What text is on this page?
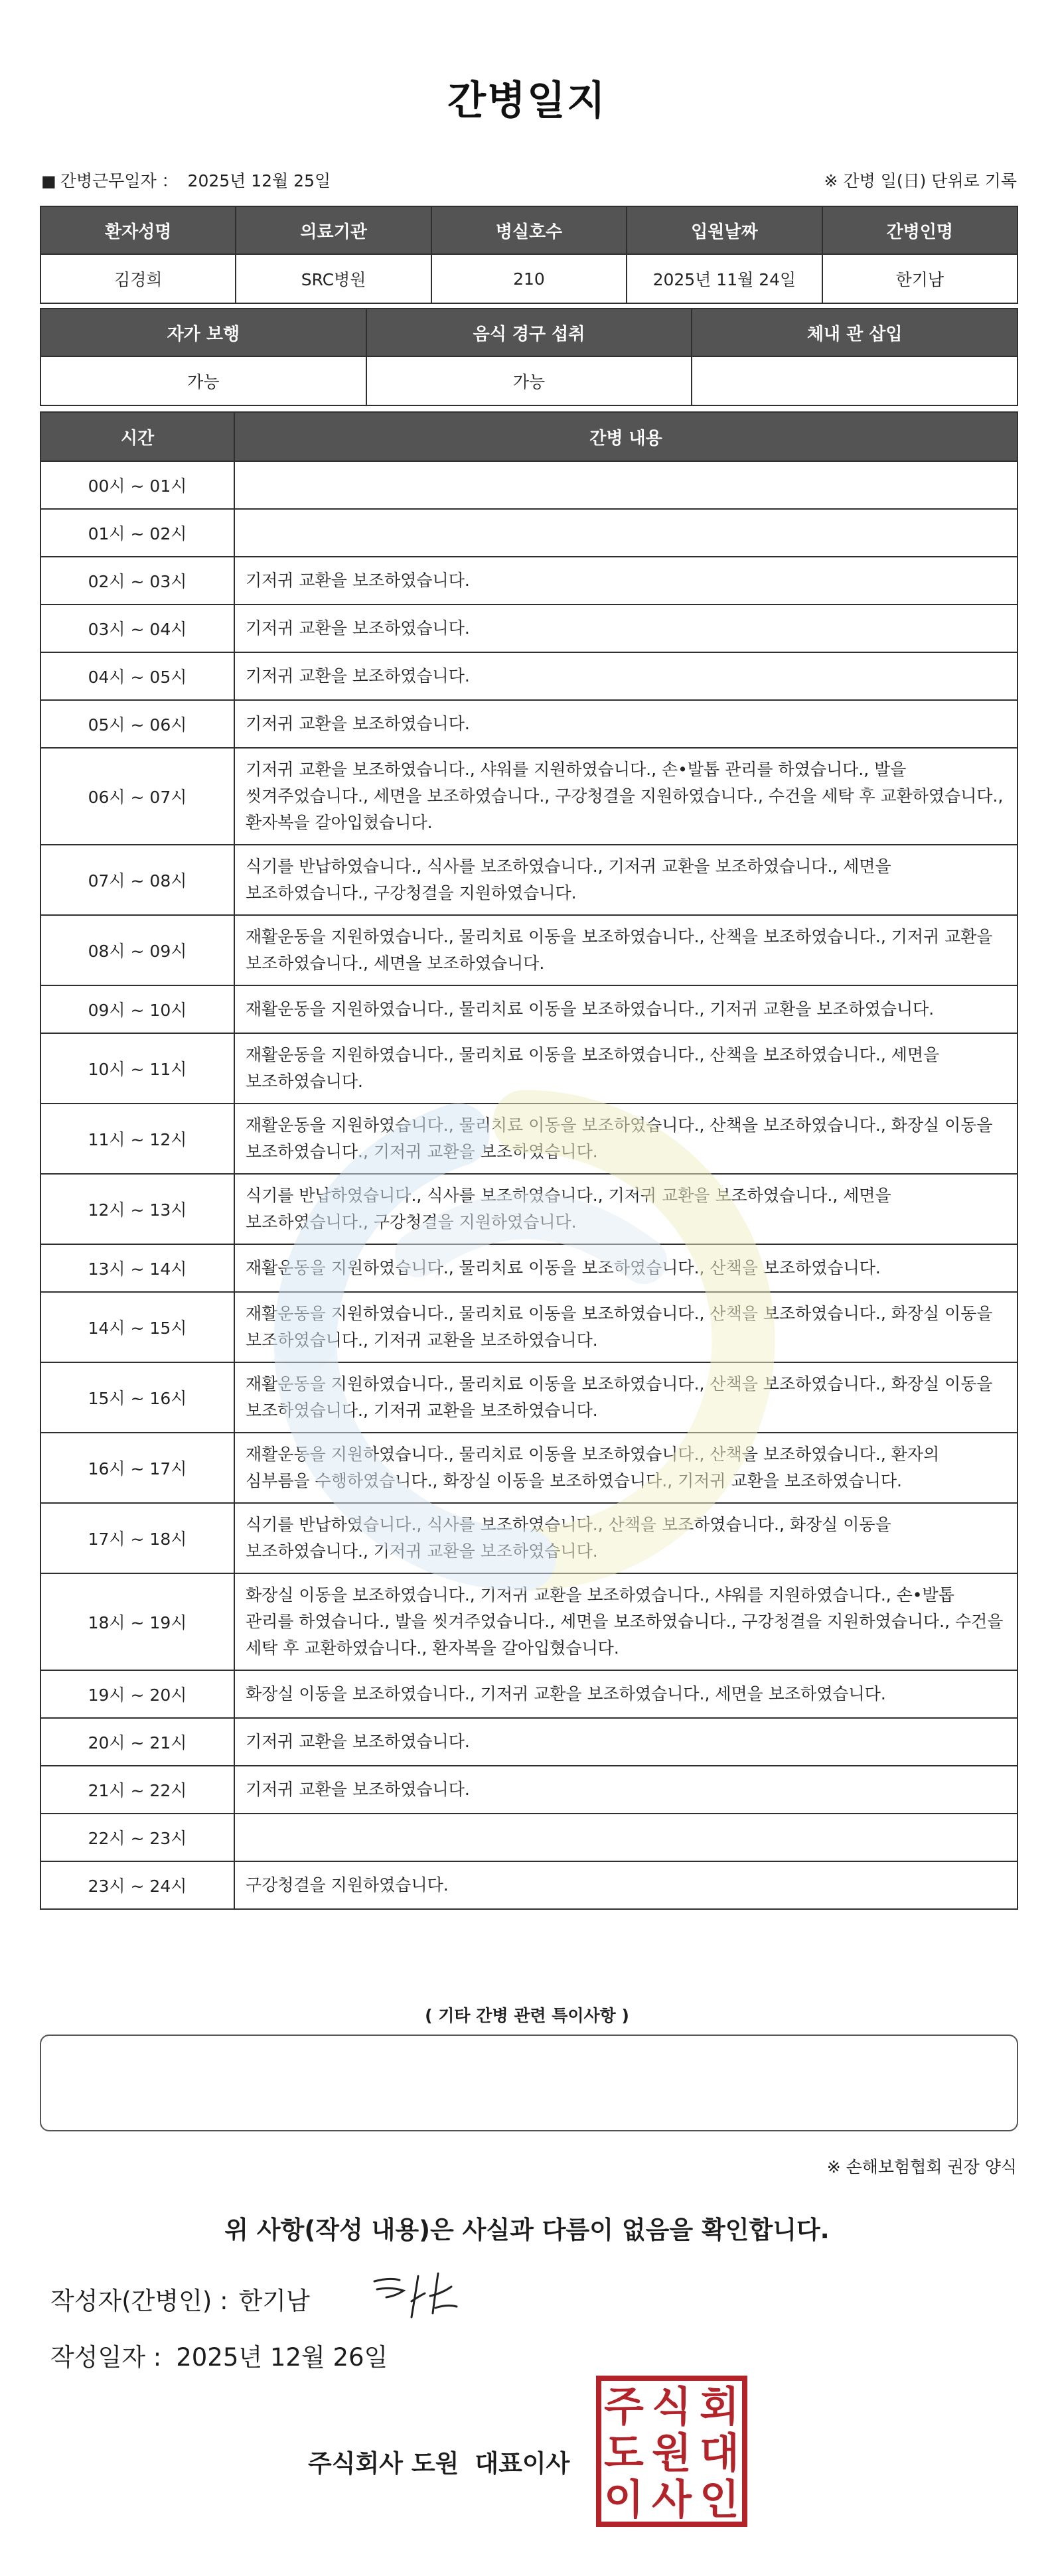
간병일지
■ 간병근무일자 ： 2025년 12월 25일	※ 간병 일(日) 단위로 기록
환자성명	의료기관	병실호수	입원날짜	간병인명
김경희	SRC병원	210	2025년 11월 24일	한기남
자가 보행	음식 경구 섭취	체내 관 삽입
가능	가능	
시간	간병 내용
00시 ~ 01시	
01시 ~ 02시	
02시 ~ 03시	기저귀 교환을 보조하였습니다.
03시 ~ 04시	기저귀 교환을 보조하였습니다.
04시 ~ 05시	기저귀 교환을 보조하였습니다.
05시 ~ 06시	기저귀 교환을 보조하였습니다.
06시 ~ 07시	기저귀 교환을 보조하였습니다., 샤워를 지원하였습니다., 손•발톱 관리를 하였습니다., 발을 씻겨주었습니다., 세면을 보조하였습니다., 구강청결을 지원하였습니다., 수건을 세탁 후 교환하였습니다., 환자복을 갈아입혔습니다.
07시 ~ 08시	식기를 반납하였습니다., 식사를 보조하였습니다., 기저귀 교환을 보조하였습니다., 세면을 보조하였습니다., 구강청결을 지원하였습니다.
08시 ~ 09시	재활운동을 지원하였습니다., 물리치료 이동을 보조하였습니다., 산책을 보조하였습니다., 기저귀 교환을 보조하였습니다., 세면을 보조하였습니다.
09시 ~ 10시	재활운동을 지원하였습니다., 물리치료 이동을 보조하였습니다., 기저귀 교환을 보조하였습니다.
10시 ~ 11시	재활운동을 지원하였습니다., 물리치료 이동을 보조하였습니다., 산책을 보조하였습니다., 세면을 보조하였습니다.
11시 ~ 12시	재활운동을 지원하였습니다., 물리치료 이동을 보조하였습니다., 산책을 보조하였습니다., 화장실 이동을 보조하였습니다., 기저귀 교환을 보조하였습니다.
12시 ~ 13시	식기를 반납하였습니다., 식사를 보조하였습니다., 기저귀 교환을 보조하였습니다., 세면을 보조하였습니다., 구강청결을 지원하였습니다.
13시 ~ 14시	재활운동을 지원하였습니다., 물리치료 이동을 보조하였습니다., 산책을 보조하였습니다.
14시 ~ 15시	재활운동을 지원하였습니다., 물리치료 이동을 보조하였습니다., 산책을 보조하였습니다., 화장실 이동을 보조하였습니다., 기저귀 교환을 보조하였습니다.
15시 ~ 16시	재활운동을 지원하였습니다., 물리치료 이동을 보조하였습니다., 산책을 보조하였습니다., 화장실 이동을 보조하였습니다., 기저귀 교환을 보조하였습니다.
16시 ~ 17시	재활운동을 지원하였습니다., 물리치료 이동을 보조하였습니다., 산책을 보조하였습니다., 환자의 심부름을 수행하였습니다., 화장실 이동을 보조하였습니다., 기저귀 교환을 보조하였습니다.
17시 ~ 18시	식기를 반납하였습니다., 식사를 보조하였습니다., 산책을 보조하였습니다., 화장실 이동을 보조하였습니다., 기저귀 교환을 보조하였습니다.
18시 ~ 19시	화장실 이동을 보조하였습니다., 기저귀 교환을 보조하였습니다., 샤워를 지원하였습니다., 손•발톱 관리를 하였습니다., 발을 씻겨주었습니다., 세면을 보조하였습니다., 구강청결을 지원하였습니다., 수건을 세탁 후 교환하였습니다., 환자복을 갈아입혔습니다.
19시 ~ 20시	화장실 이동을 보조하였습니다., 기저귀 교환을 보조하였습니다., 세면을 보조하였습니다.
20시 ~ 21시	기저귀 교환을 보조하였습니다.
21시 ~ 22시	기저귀 교환을 보조하였습니다.
22시 ~ 23시	
23시 ~ 24시	구강청결을 지원하였습니다.
( 기타 간병 관련 특이사항 )
※ 손해보험협회 권장 양식
위 사항(작성 내용)은 사실과 다름이 없음을 확인합니다.
작성자(간병인) : 한기남
작성일자 : 2025년 12월 26일
주식회사 도원 대표이사
주 식 회
도 원 대
이 사 인
